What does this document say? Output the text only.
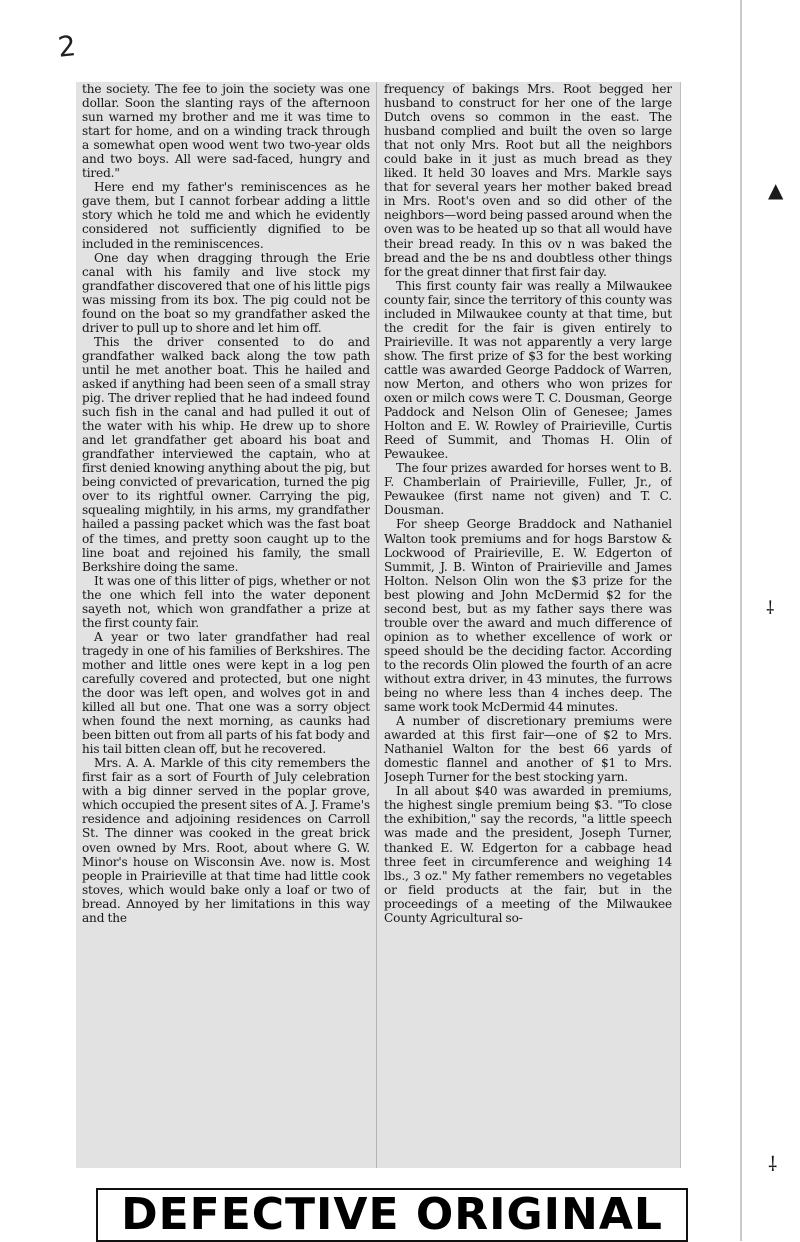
2

the society. The fee to join the society was one dollar. Soon the slanting rays of the afternoon sun warned my brother and me it was time to start for home, and on a winding track through a somewhat open wood went two two-year olds and two boys. All were sad-faced, hungry and tired."

Here end my father's reminiscences as he gave them, but I cannot forbear adding a little story which he told me and which he evidently considered not sufficiently dignified to be included in the reminiscences.

One day when dragging through the Erie canal with his family and live stock my grandfather discovered that one of his little pigs was missing from its box. The pig could not be found on the boat so my grandfather asked the driver to pull up to shore and let him off.

This the driver consented to do and grandfather walked back along the tow path until he met another boat. This he hailed and asked if anything had been seen of a small stray pig. The driver replied that he had indeed found such fish in the canal and had pulled it out of the water with his whip. He drew up to shore and let grandfather get aboard his boat and grandfather interviewed the captain, who at first denied knowing anything about the pig, but being convicted of prevarication, turned the pig over to its rightful owner. Carrying the pig, squealing mightily, in his arms, my grandfather hailed a passing packet which was the fast boat of the times, and pretty soon caught up to the line boat and rejoined his family, the small Berkshire doing the same.

It was one of this litter of pigs, whether or not the one which fell into the water deponent sayeth not, which won grandfather a prize at the first county fair.

A year or two later grandfather had real tragedy in one of his families of Berkshires. The mother and little ones were kept in a log pen carefully covered and protected, but one night the door was left open, and wolves got in and killed all but one. That one was a sorry object when found the next morning, as caunks had been bitten out from all parts of his fat body and his tail bitten clean off, but he recovered.

Mrs. A. A. Markle of this city remembers the first fair as a sort of Fourth of July celebration with a big dinner served in the poplar grove, which occupied the present sites of A. J. Frame's residence and adjoining residences on Carroll St. The dinner was cooked in the great brick oven owned by Mrs. Root, about where G. W. Minor's house on Wisconsin Ave. now is. Most people in Prairieville at that time had little cook stoves, which would bake only a loaf or two of bread. Annoyed by her limitations in this way and the

frequency of bakings Mrs. Root begged her husband to construct for her one of the large Dutch ovens so common in the east. The husband complied and built the oven so large that not only Mrs. Root but all the neighbors could bake in it just as much bread as they liked. It held 30 loaves and Mrs. Markle says that for several years her mother baked bread in Mrs. Root's oven and so did other of the neighbors—word being passed around when the oven was to be heated up so that all would have their bread ready. In this ov n was baked the bread and the be ns and doubtless other things for the great dinner that first fair day.

This first county fair was really a Milwaukee county fair, since the territory of this county was included in Milwaukee county at that time, but the credit for the fair is given entirely to Prairieville. It was not apparently a very large show. The first prize of $3 for the best working cattle was awarded George Paddock of Warren, now Merton, and others who won prizes for oxen or milch cows were T. C. Dousman, George Paddock and Nelson Olin of Genesee; James Holton and E. W. Rowley of Prairieville, Curtis Reed of Summit, and Thomas H. Olin of Pewaukee.

The four prizes awarded for horses went to B. F. Chamberlain of Prairieville, Fuller, Jr., of Pewaukee (first name not given) and T. C. Dousman.

For sheep George Braddock and Nathaniel Walton took premiums and for hogs Barstow & Lockwood of Prairieville, E. W. Edgerton of Summit, J. B. Winton of Prairieville and James Holton. Nelson Olin won the $3 prize for the best plowing and John McDermid $2 for the second best, but as my father says there was trouble over the award and much difference of opinion as to whether excellence of work or speed should be the deciding factor. According to the records Olin plowed the fourth of an acre without extra driver, in 43 minutes, the furrows being no where less than 4 inches deep. The same work took McDermid 44 minutes.

A number of discretionary premiums were awarded at this first fair—one of $2 to Mrs. Nathaniel Walton for the best 66 yards of domestic flannel and another of $1 to Mrs. Joseph Turner for the best stocking yarn.

In all about $40 was awarded in premiums, the highest single premium being $3. "To close the exhibition," say the records, "a little speech was made and the president, Joseph Turner, thanked E. W. Edgerton for a cabbage head three feet in circumference and weighing 14 lbs., 3 oz." My father remembers no vegetables or field products at the fair, but in the proceedings of a meeting of the Milwaukee County Agricultural so-

▲
⸸
⸸
DEFECTIVE ORIGINAL
